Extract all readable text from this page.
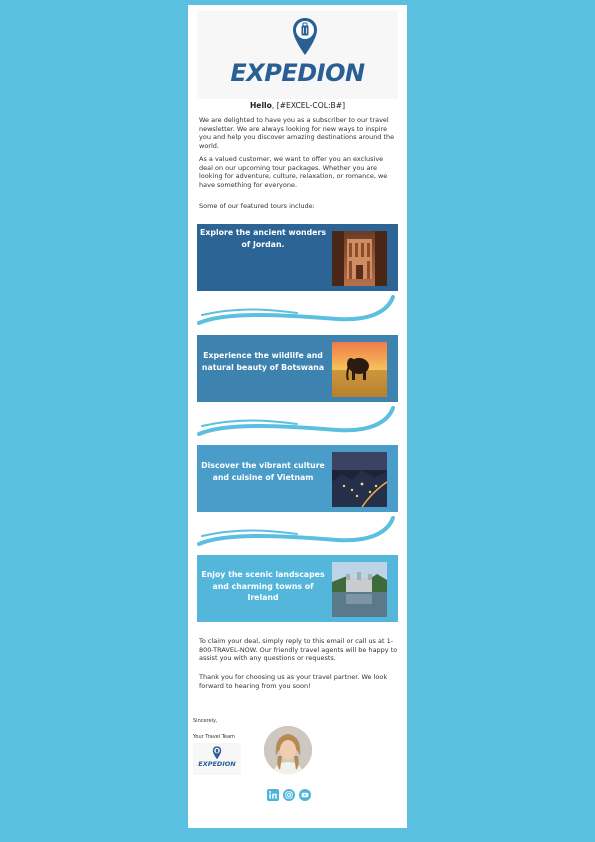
EXPEDION
Hello, [#EXCEL-COL:B#]

We are delighted to have you as a subscriber to our travel newsletter. We are always looking for new ways to inspire you and help you discover amazing destinations around the world.

As a valued customer, we want to offer you an exclusive deal on our upcoming tour packages. Whether you are looking for adventure, culture, relaxation, or romance, we have something for everyone.

Some of our featured tours include:

Explore the ancient wonders of Jordan.
Experience the wildlife and natural beauty of Botswana
Discover the vibrant culture and cuisine of Vietnam
Enjoy the scenic landscapes and charming towns of Ireland

To claim your deal, simply reply to this email or call us at 1-800-TRAVEL-NOW. Our friendly travel agents will be happy to assist you with any questions or requests.

Thank you for choosing us as your travel partner. We look forward to hearing from you soon!

Sincerely,
Your Travel Team
EXPEDION
